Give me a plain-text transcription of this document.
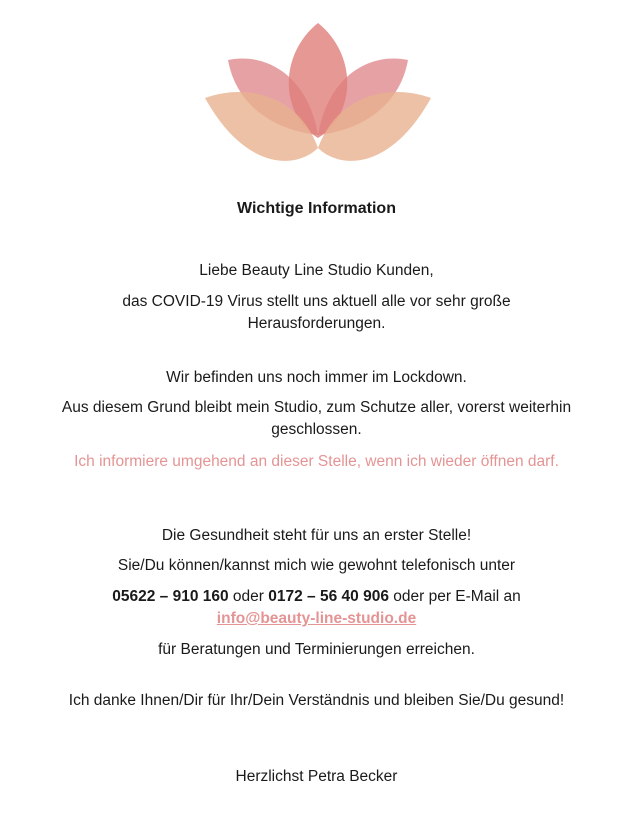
Wichtige Information

Liebe Beauty Line Studio Kunden,

das COVID-19 Virus stellt uns aktuell alle vor sehr große Herausforderungen.

Wir befinden uns noch immer im Lockdown.

Aus diesem Grund bleibt mein Studio, zum Schutze aller, vorerst weiterhin geschlossen.

Ich informiere umgehend an dieser Stelle, wenn ich wieder öffnen darf.

Die Gesundheit steht für uns an erster Stelle!

Sie/Du können/kannst mich wie gewohnt telefonisch unter

05622 – 910 160 oder 0172 – 56 40 906 oder per E-Mail an
info@beauty-line-studio.de

für Beratungen und Terminierungen erreichen.

Ich danke Ihnen/Dir für Ihr/Dein Verständnis und bleiben Sie/Du gesund!

Herzlichst Petra Becker
